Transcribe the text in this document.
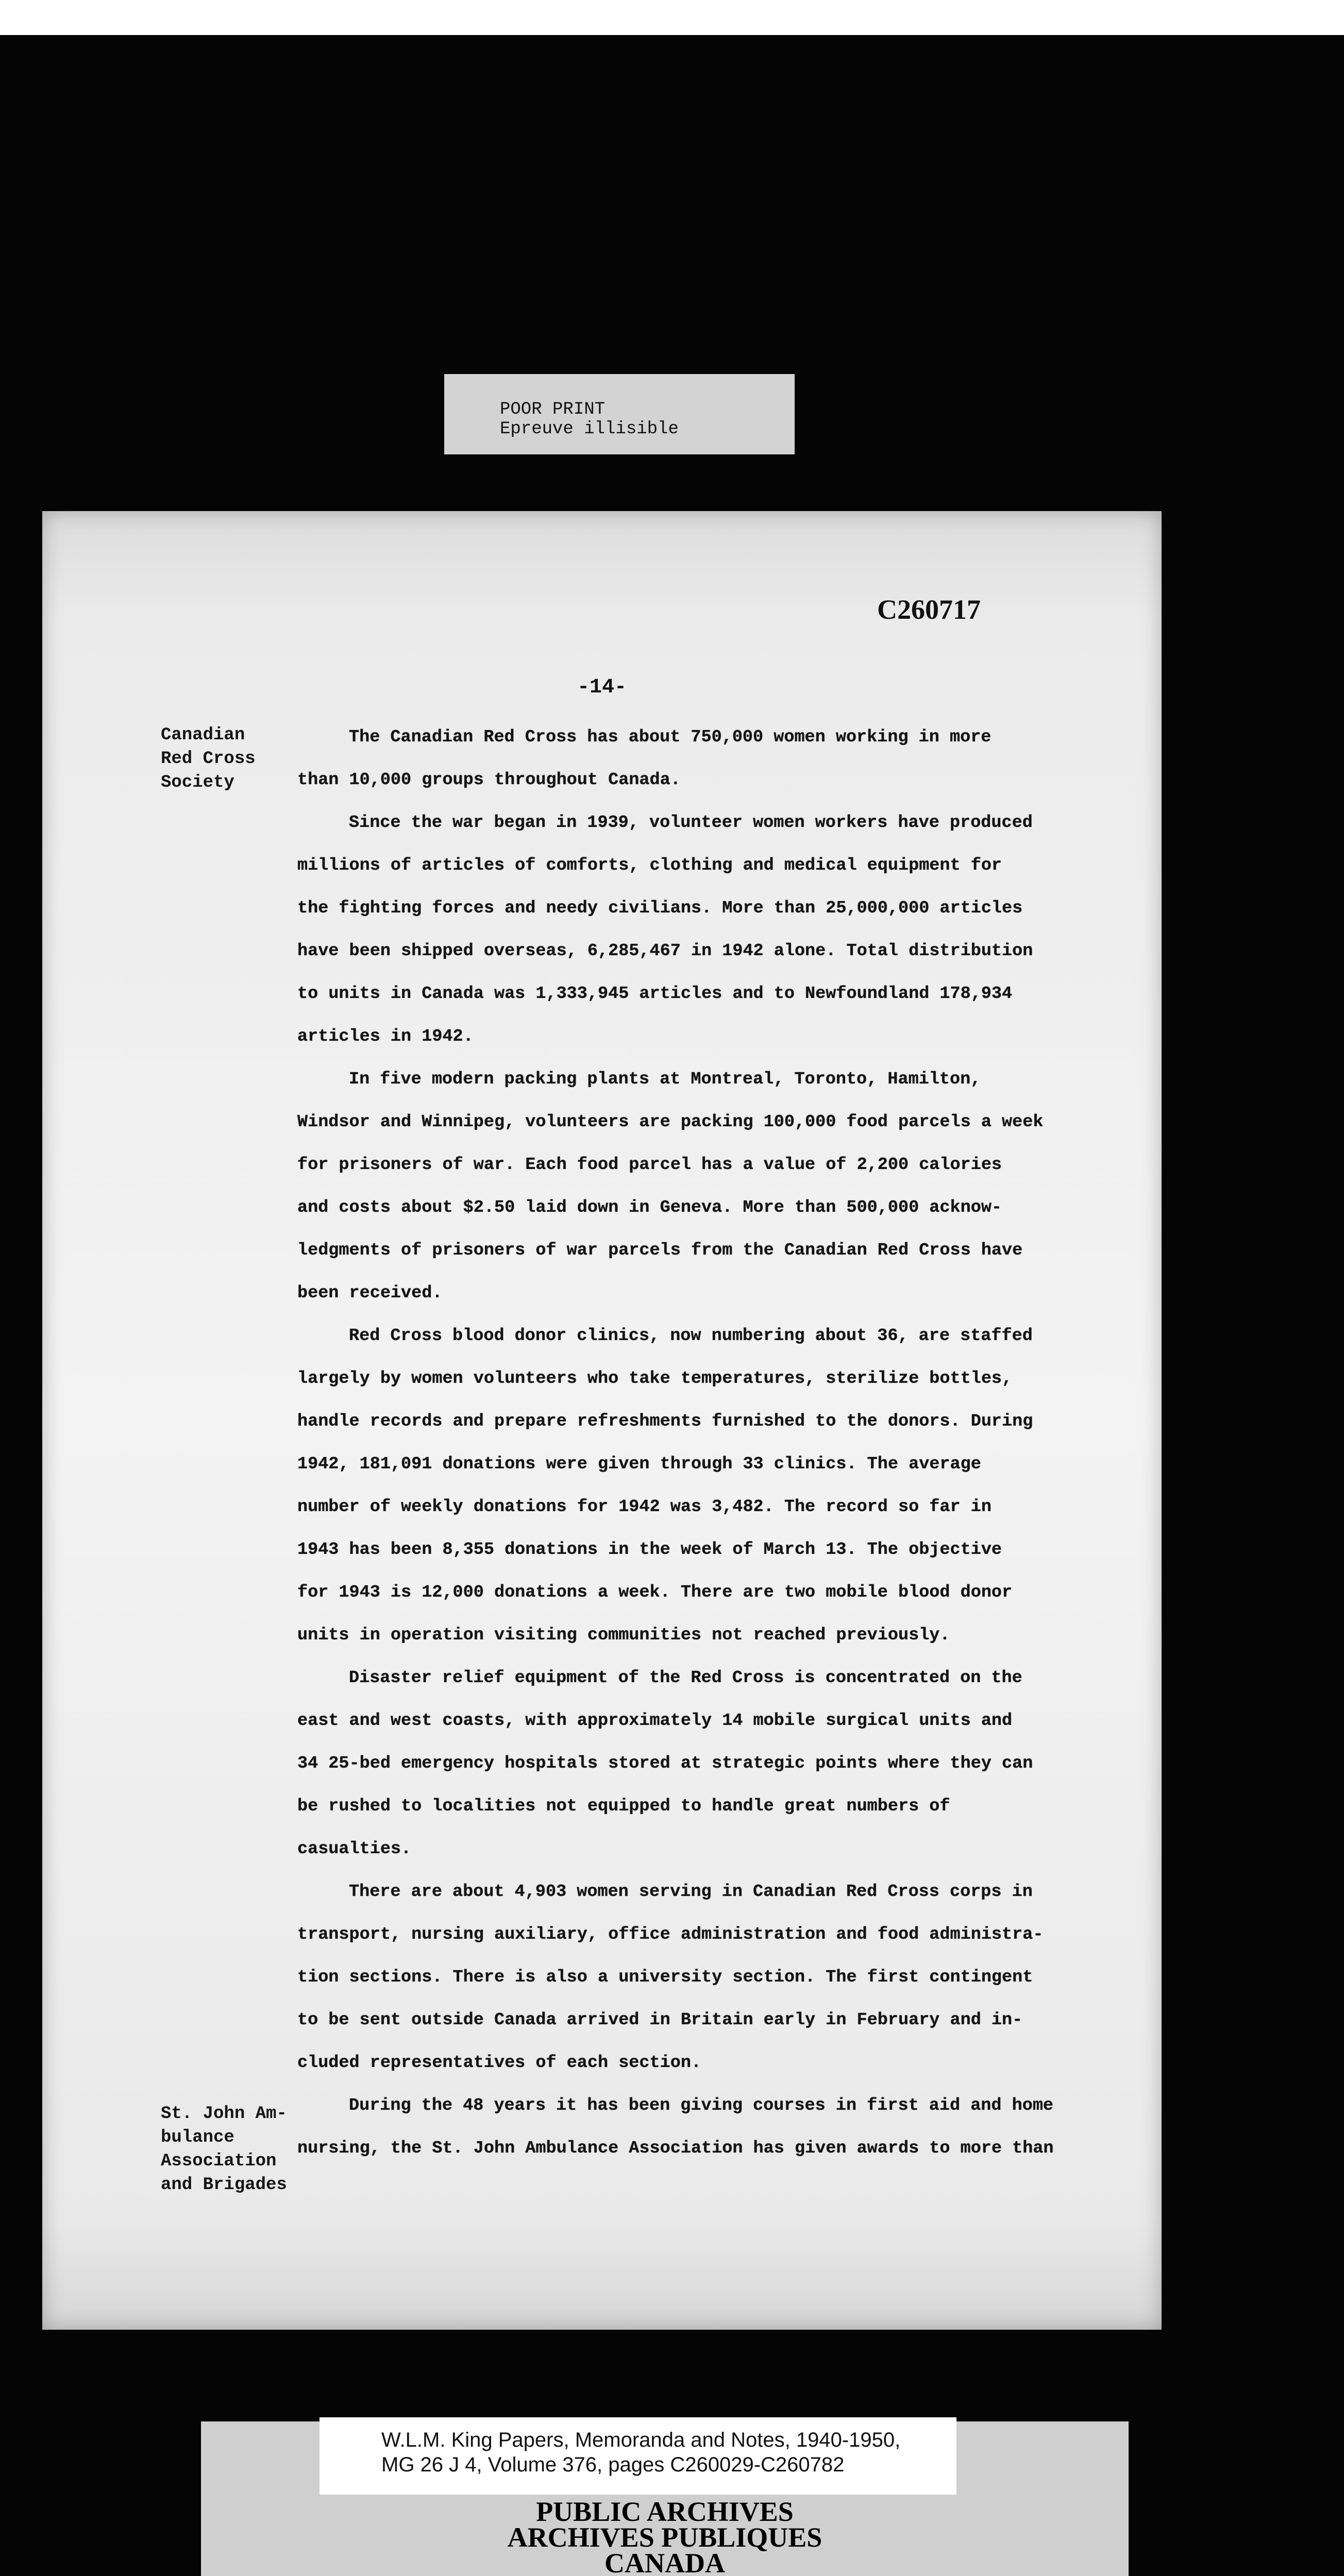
POOR PRINT
Epreuve illisible
C260717
-14-
Canadian
Red Cross
Society
St. John Am-
bulance
Association
and Brigades

The Canadian Red Cross has about 750,000 women working in more
than 10,000 groups throughout Canada.

Since the war began in 1939, volunteer women workers have produced
millions of articles of comforts, clothing and medical equipment for
the fighting forces and needy civilians. More than 25,000,000 articles
have been shipped overseas, 6,285,467 in 1942 alone. Total distribution
to units in Canada was 1,333,945 articles and to Newfoundland 178,934
articles in 1942.

In five modern packing plants at Montreal, Toronto, Hamilton,
Windsor and Winnipeg, volunteers are packing 100,000 food parcels a week
for prisoners of war. Each food parcel has a value of 2,200 calories
and costs about $2.50 laid down in Geneva. More than 500,000 acknow-
ledgments of prisoners of war parcels from the Canadian Red Cross have
been received.

Red Cross blood donor clinics, now numbering about 36, are staffed
largely by women volunteers who take temperatures, sterilize bottles,
handle records and prepare refreshments furnished to the donors. During
1942, 181,091 donations were given through 33 clinics. The average
number of weekly donations for 1942 was 3,482. The record so far in
1943 has been 8,355 donations in the week of March 13. The objective
for 1943 is 12,000 donations a week. There are two mobile blood donor
units in operation visiting communities not reached previously.

Disaster relief equipment of the Red Cross is concentrated on the
east and west coasts, with approximately 14 mobile surgical units and
34 25-bed emergency hospitals stored at strategic points where they can
be rushed to localities not equipped to handle great numbers of
casualties.

There are about 4,903 women serving in Canadian Red Cross corps in
transport, nursing auxiliary, office administration and food administra-
tion sections. There is also a university section. The first contingent
to be sent outside Canada arrived in Britain early in February and in-
cluded representatives of each section.

During the 48 years it has been giving courses in first aid and home
nursing, the St. John Ambulance Association has given awards to more than

W.L.M. King Papers, Memoranda and Notes, 1940-1950,
MG 26 J 4, Volume 376, pages C260029-C260782
PUBLIC ARCHIVES
ARCHIVES PUBLIQUES
CANADA
